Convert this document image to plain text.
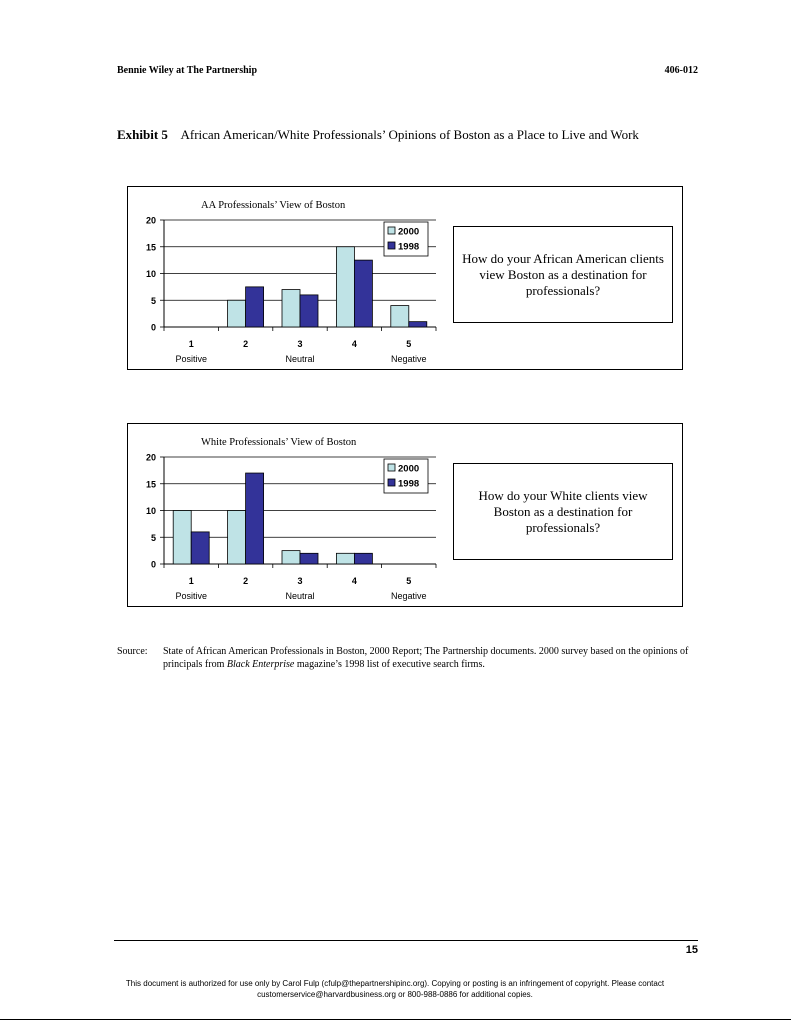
Bennie Wiley at The Partnership	406-012
Exhibit 5 African American/White Professionals’ Opinions of Boston as a Place to Live and Work
AA Professionals’ View of Boston
0
5
10
15
20
1
Positive
2	3
Neutral
4	5
Negative
2000
1998
How do your African American clients view Boston as a destination for professionals?
White Professionals’ View of Boston
0
5
10
15
20
1
Positive
2	3
Neutral
4	5
Negative
2000
1998
How do your White clients view Boston as a destination for professionals?
Source: State of African American Professionals in Boston, 2000 Report; The Partnership documents. 2000 survey based on the opinions of principals from Black Enterprise magazine’s 1998 list of executive search firms.
15
This document is authorized for use only by Carol Fulp (cfulp@thepartnershipinc.org). Copying or posting is an infringement of copyright. Please contact
customerservice@harvardbusiness.org or 800-988-0886 for additional copies.
